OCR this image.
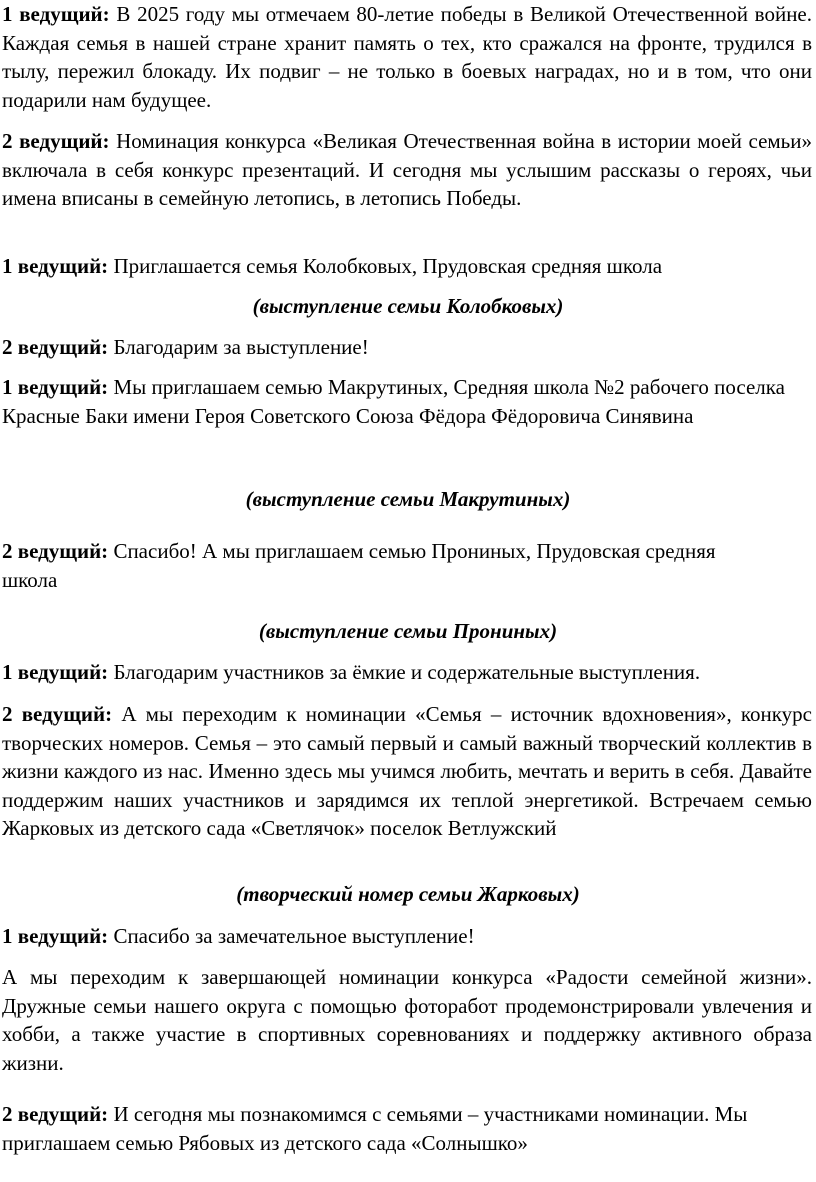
1 ведущий: В 2025 году мы отмечаем 80-летие победы в Великой Отечественной войне. Каждая семья в нашей стране хранит память о тех, кто сражался на фронте, трудился в тылу, пережил блокаду. Их подвиг – не только в боевых наградах, но и в том, что они подарили нам будущее.

2 ведущий: Номинация конкурса «Великая Отечественная война в истории моей семьи» включала в себя конкурс презентаций. И сегодня мы услышим рассказы о героях, чьи имена вписаны в семейную летопись, в летопись Победы.

1 ведущий: Приглашается семья Колобковых, Прудовская средняя школа

(выступление семьи Колобковых)

2 ведущий: Благодарим за выступление!

1 ведущий: Мы приглашаем семью Макрутиных, Средняя школа №2 рабочего поселка Красные Баки имени Героя Советского Союза Фёдора Фёдоровича Синявина

(выступление семьи Макрутиных)

2 ведущий: Спасибо! А мы приглашаем семью Прониных, Прудовская средняя школа

(выступление семьи Прониных)

1 ведущий: Благодарим участников за ёмкие и содержательные выступления.

2 ведущий: А мы переходим к номинации «Семья – источник вдохновения», конкурс творческих номеров. Семья – это самый первый и самый важный творческий коллектив в жизни каждого из нас. Именно здесь мы учимся любить, мечтать и верить в себя. Давайте поддержим наших участников и зарядимся их теплой энергетикой. Встречаем семью Жарковых из детского сада «Светлячок» поселок Ветлужский

(творческий номер семьи Жарковых)

1 ведущий: Спасибо за замечательное выступление!

А мы переходим к завершающей номинации конкурса «Радости семейной жизни». Дружные семьи нашего округа с помощью фоторабот продемонстрировали увлечения и хобби, а также участие в спортивных соревнованиях и поддержку активного образа жизни.

2 ведущий: И сегодня мы познакомимся с семьями – участниками номинации. Мы приглашаем семью Рябовых из детского сада «Солнышко»
